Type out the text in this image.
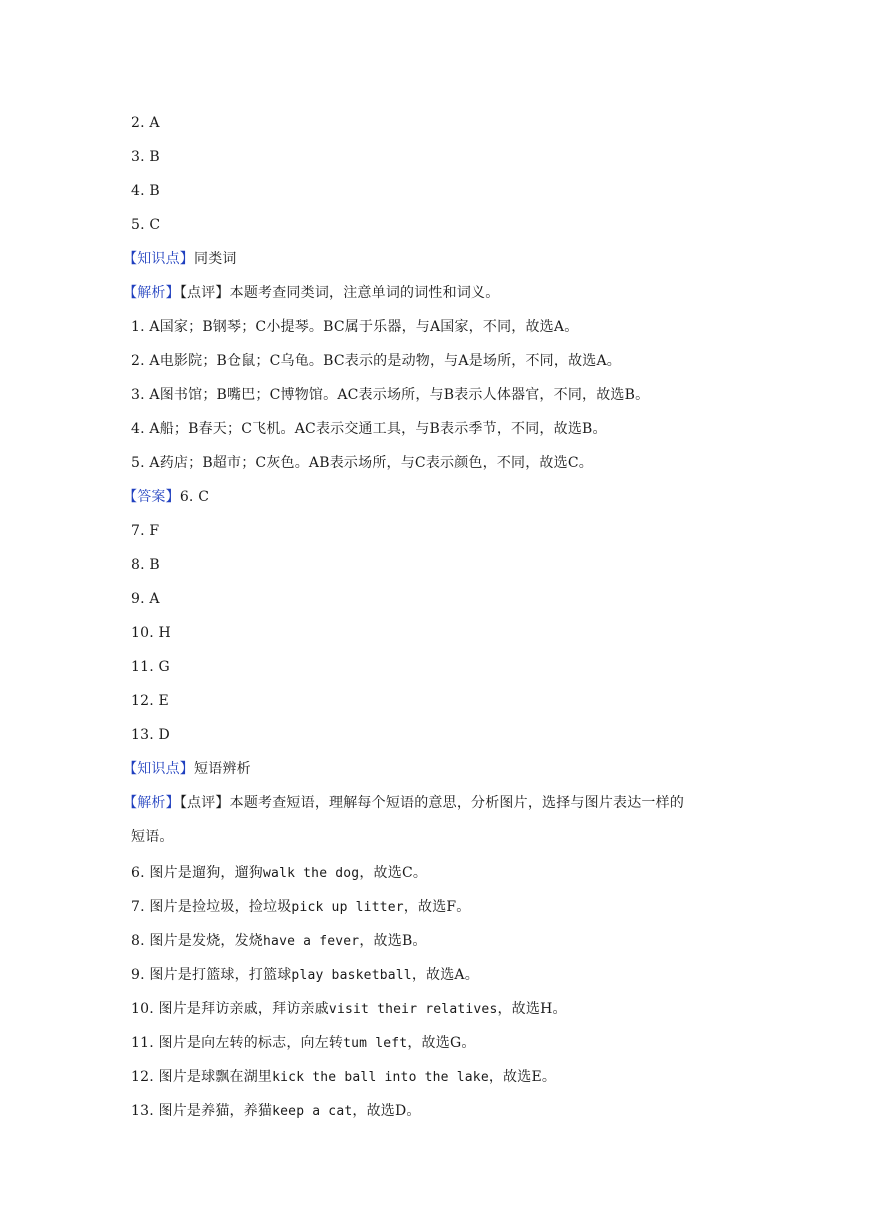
2. A
3. B
4. B
5. C
【知识点】同类词
【解析】【点评】本题考查同类词，注意单词的词性和词义。
1. A国家；B钢琴；C小提琴。BC属于乐器，与A国家，不同，故选A。
2. A电影院；B仓鼠；C乌龟。BC表示的是动物，与A是场所，不同，故选A。
3. A图书馆；B嘴巴；C博物馆。AC表示场所，与B表示人体器官，不同，故选B。
4. A船；B春天；C飞机。AC表示交通工具，与B表示季节，不同，故选B。
5. A药店；B超市；C灰色。AB表示场所，与C表示颜色，不同，故选C。
【答案】6. C
7. F
8. B
9. A
10. H
11. G
12. E
13. D
【知识点】短语辨析
【解析】【点评】本题考查短语，理解每个短语的意思，分析图片，选择与图片表达一样的
短语。
6. 图片是遛狗，遛狗walk the dog，故选C。
7. 图片是捡垃圾，捡垃圾pick up litter，故选F。
8. 图片是发烧，发烧have a fever，故选B。
9. 图片是打篮球，打篮球play basketball，故选A。
10. 图片是拜访亲戚，拜访亲戚visit their relatives，故选H。
11. 图片是向左转的标志，向左转tum left，故选G。
12. 图片是球飘在湖里kick the ball into the lake，故选E。
13. 图片是养猫，养猫keep a cat，故选D。
